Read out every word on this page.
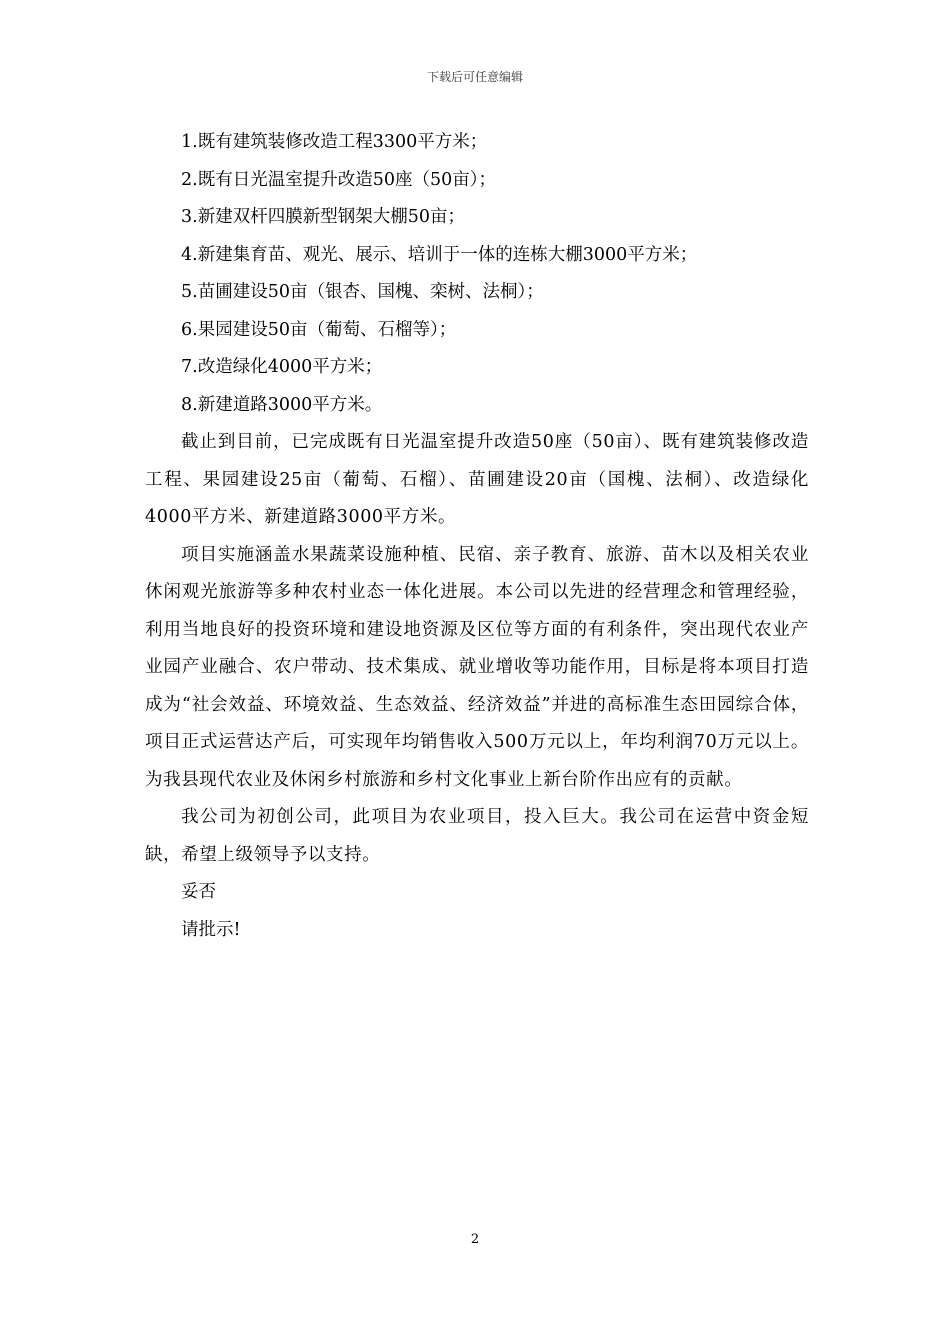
下载后可任意编辑

1.既有建筑装修改造工程3300平方米；

2.既有日光温室提升改造50座（50亩）；

3.新建双杆四膜新型钢架大棚50亩；

4.新建集育苗、观光、展示、培训于一体的连栋大棚3000平方米；

5.苗圃建设50亩（银杏、国槐、栾树、法桐）；

6.果园建设50亩（葡萄、石榴等）；

7.改造绿化4000平方米；

8.新建道路3000平方米。

截止到目前，已完成既有日光温室提升改造50座（50亩）、既有建筑装修改造工程、果园建设25亩（葡萄、石榴）、苗圃建设20亩（国槐、法桐）、改造绿化4000平方米、新建道路3000平方米。

项目实施涵盖水果蔬菜设施种植、民宿、亲子教育、旅游、苗木以及相关农业休闲观光旅游等多种农村业态一体化进展。本公司以先进的经营理念和管理经验，利用当地良好的投资环境和建设地资源及区位等方面的有利条件，突出现代农业产业园产业融合、农户带动、技术集成、就业增收等功能作用，目标是将本项目打造成为“社会效益、环境效益、生态效益、经济效益”并进的高标准生态田园综合体，项目正式运营达产后，可实现年均销售收入500万元以上，年均利润70万元以上。为我县现代农业及休闲乡村旅游和乡村文化事业上新台阶作出应有的贡献。

我公司为初创公司，此项目为农业项目，投入巨大。我公司在运营中资金短缺，希望上级领导予以支持。

妥否

请批示!

2
